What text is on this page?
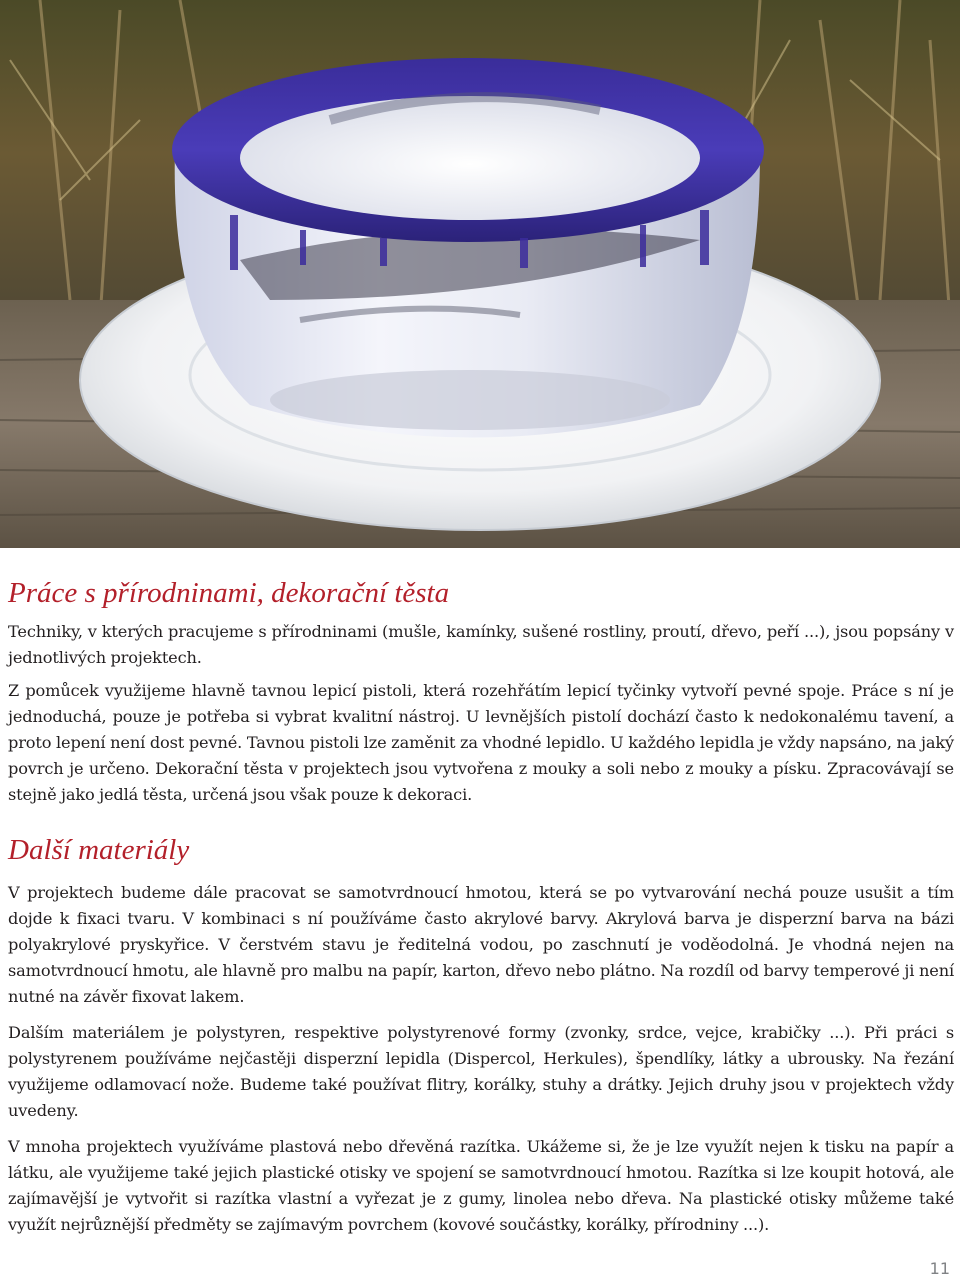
Práce s přírodninami, dekorační těsta

Techniky, v kterých pracujeme s přírodninami (mušle, kamínky, sušené rostliny, proutí, dřevo, peří ...), jsou popsány v jednotlivých projektech.

Z pomůcek využijeme hlavně tavnou lepicí pistoli, která rozehřátím lepicí tyčinky vytvoří pevné spoje. Práce s ní je jednoduchá, pouze je potřeba si vybrat kvalitní nástroj. U levnějších pistolí dochází často k nedokonalému tavení, a proto lepení není dost pevné. Tavnou pistoli lze zaměnit za vhodné lepidlo. U každého lepidla je vždy napsáno, na jaký povrch je určeno. Dekorační těsta v projektech jsou vytvořena z mouky a soli nebo z mouky a písku. Zpracovávají se stejně jako jedlá těsta, určená jsou však pouze k dekoraci.

Další materiály

V projektech budeme dále pracovat se samotvrdnoucí hmotou, která se po vytvarování nechá pouze usušit a tím dojde k fixaci tvaru. V kombinaci s ní používáme často akrylové barvy. Akrylová barva je disperzní barva na bázi polyakrylové pryskyřice. V čerstvém stavu je ředitelná vodou, po zaschnutí je voděodolná. Je vhodná nejen na samotvrdnoucí hmotu, ale hlavně pro malbu na papír, karton, dřevo nebo plátno. Na rozdíl od barvy temperové ji není nutné na závěr fixovat lakem.

Dalším materiálem je polystyren, respektive polystyrenové formy (zvonky, srdce, vejce, krabičky ...). Při práci s polystyrenem používáme nejčastěji disperzní lepidla (Dispercol, Herkules), špendlíky, látky a ubrousky. Na řezání využijeme odlamovací nože. Budeme také používat flitry, korálky, stuhy a drátky. Jejich druhy jsou v projektech vždy uvedeny.

V mnoha projektech využíváme plastová nebo dřevěná razítka. Ukážeme si, že je lze využít nejen k tisku na papír a látku, ale využijeme také jejich plastické otisky ve spojení se samotvrdnoucí hmotou. Razítka si lze koupit hotová, ale zajímavější je vytvořit si razítka vlastní a vyřezat je z gumy, linolea nebo dřeva. Na plastické otisky můžeme také využít nejrůznější předměty se zajímavým povrchem (kovové součástky, korálky, přírodniny ...).

11
